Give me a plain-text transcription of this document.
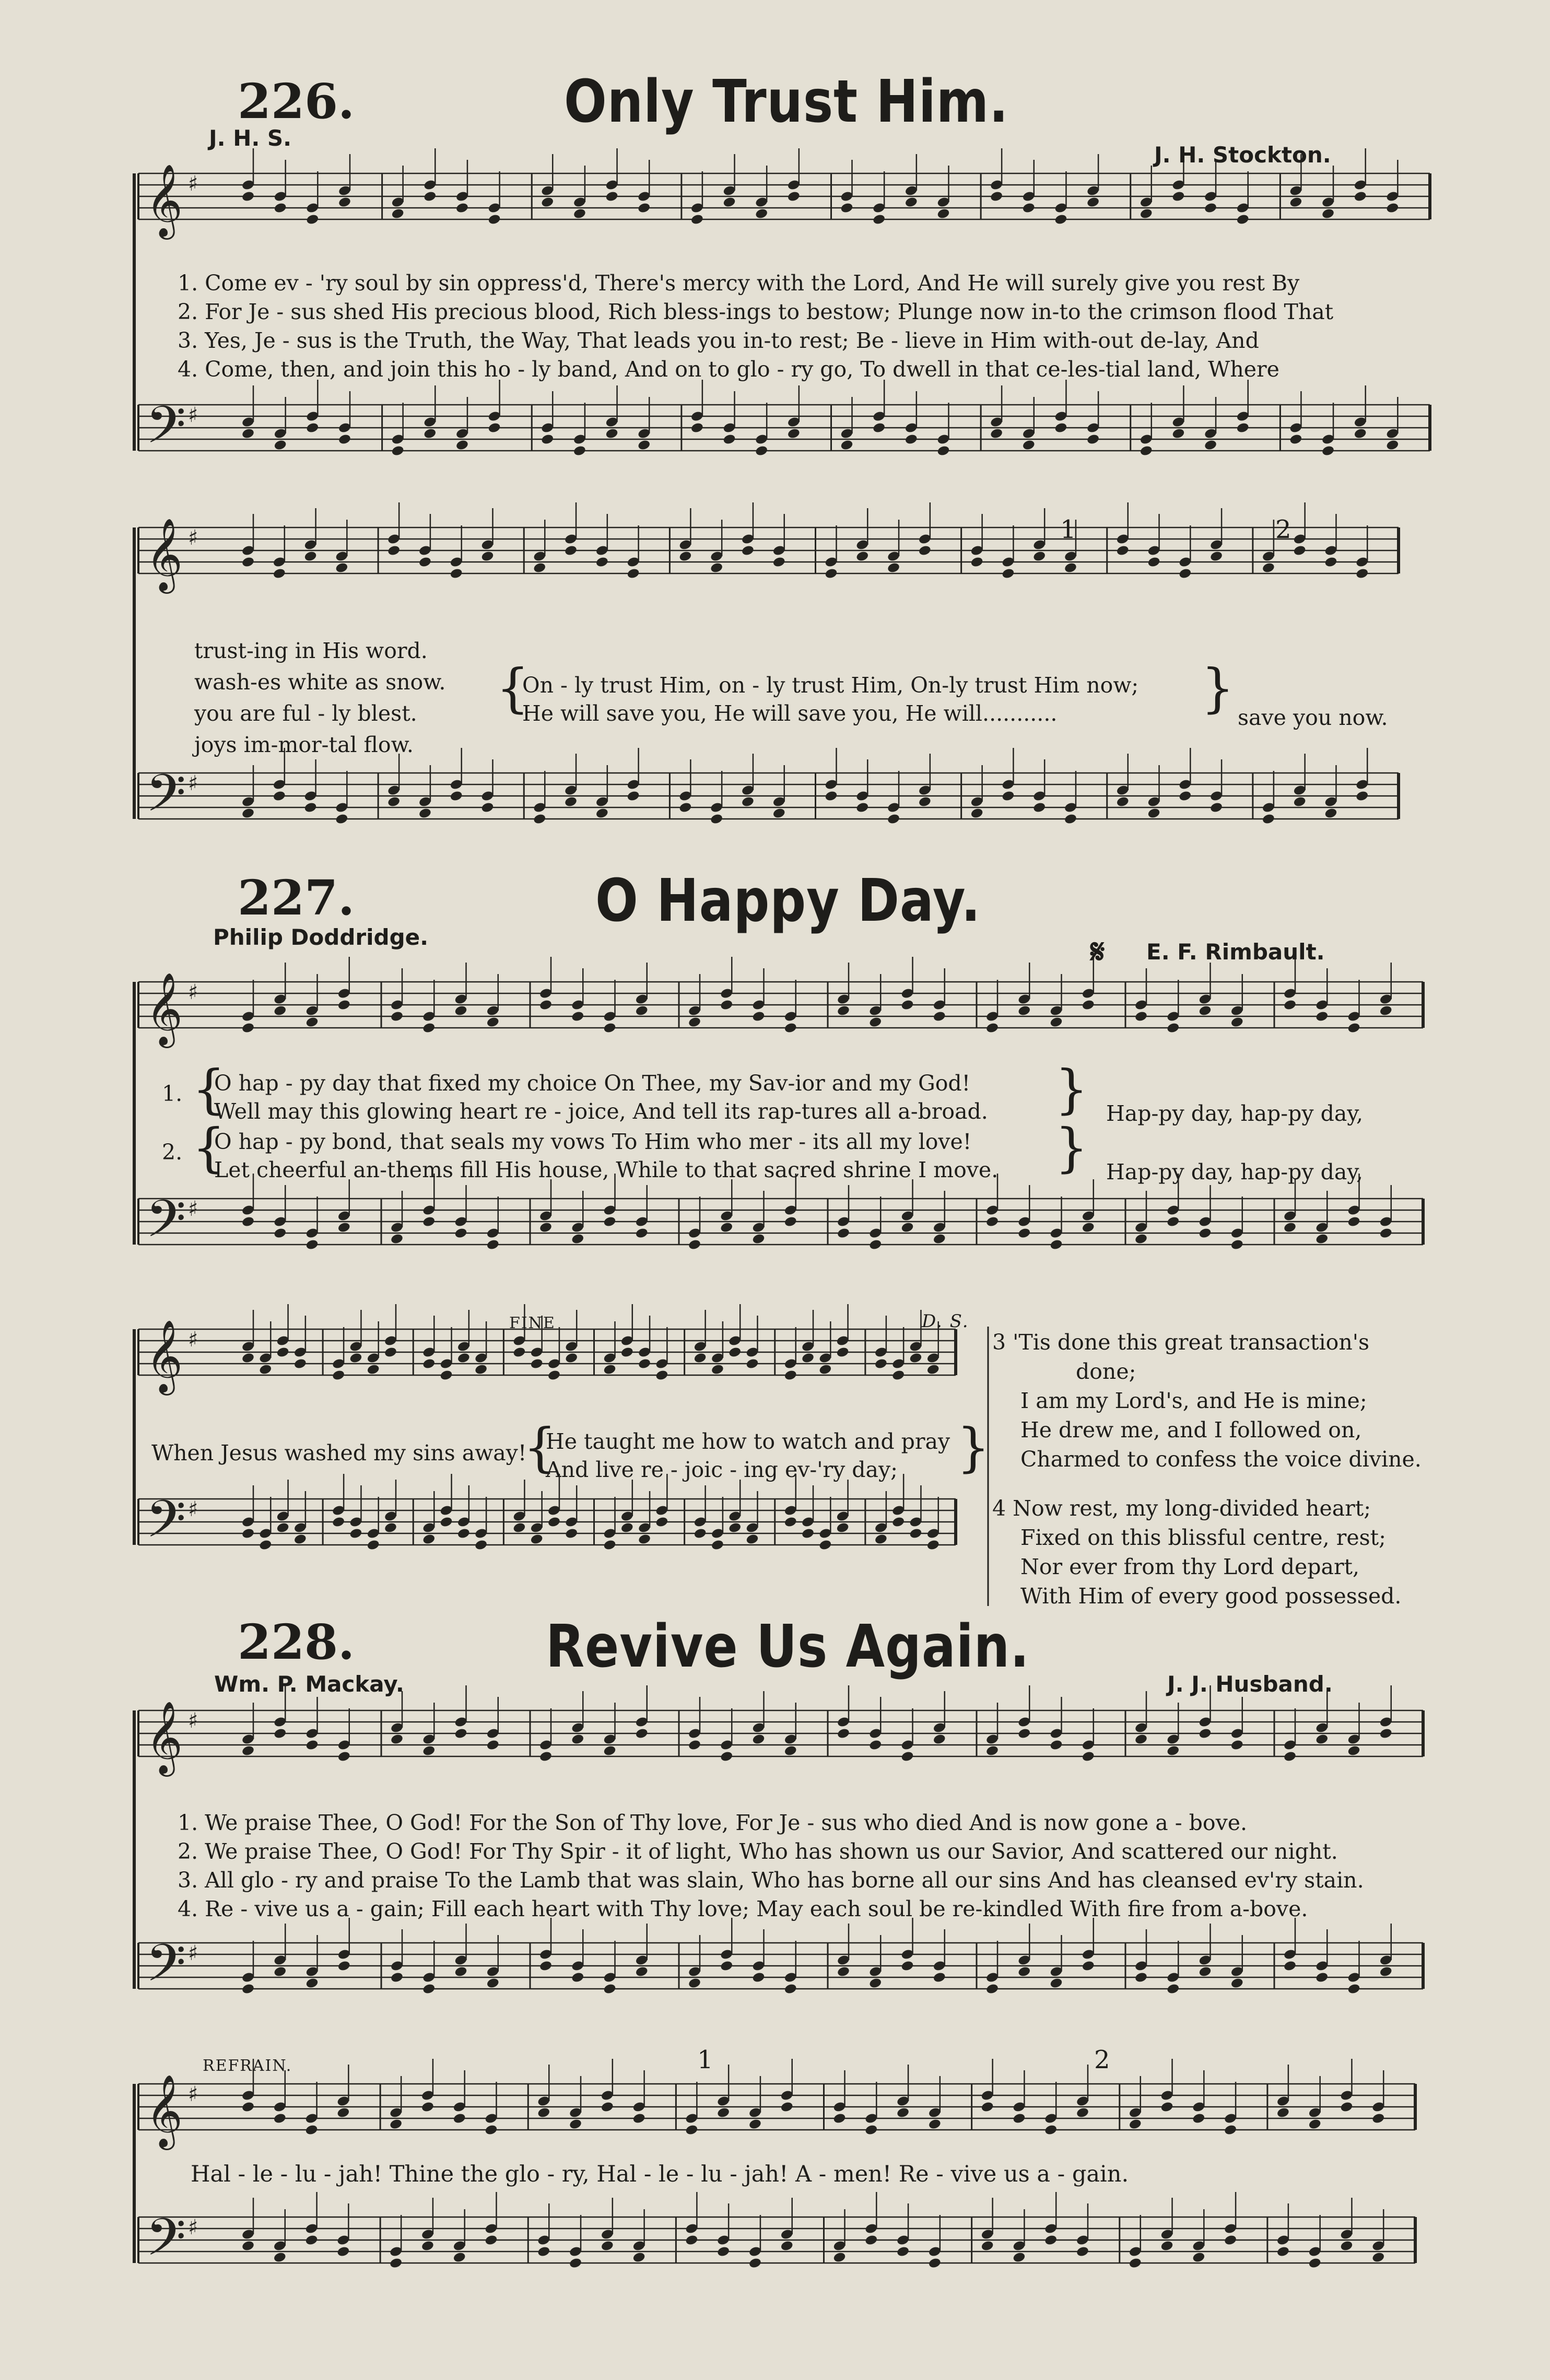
𝄞 ♯
𝄢 ♯
𝄞 ♯
𝄢 ♯
𝄞 ♯
𝄢 ♯
𝄞 ♯
𝄢 ♯
𝄞 ♯
𝄢 ♯
𝄞 ♯
𝄢 ♯
226.	Only Trust Him.
J. H. S.
J. H. Stockton.
1. Come ev - 'ry soul by sin oppress'd, There's mercy with the Lord, And He will surely give you rest By
2. For Je - sus shed His precious blood, Rich bless-ings to bestow; Plunge now in-to the crimson flood That
3. Yes, Je - sus is the Truth, the Way, That leads you in-to rest; Be - lieve in Him with-out de-lay, And
4. Come, then, and join this ho - ly band, And on to glo - ry go, To dwell in that ce-les-tial land, Where
trust-ing in His word.
wash-es white as snow.
you are ful - ly blest.
joys im-mor-tal flow.
{
On - ly trust Him, on - ly trust Him, On-ly trust Him now;
He will save you, He will save you, He will...........	} save you now.
1	2
227.	O Happy Day.
Philip Doddridge.
E. F. Rimbault.
𝄋
1. {
O hap - py day that fixed my choice On Thee, my Sav-ior and my God!
Well may this glowing heart re - joice, And tell its rap-tures all a-broad. } Hap-py day, hap-py day,
2. {
O hap - py bond, that seals my vows To Him who mer - its all my love!
Let cheerful an-thems fill His house, While to that sacred shrine I move. } Hap-py day, hap-py day,
FINE	D. S.
When Jesus washed my sins away!
{
He taught me how to watch and pray
And live re - joic - ing ev-'ry day; }
3 'Tis done this great transaction's
done;
I am my Lord's, and He is mine;
He drew me, and I followed on,
Charmed to confess the voice divine.
4 Now rest, my long-divided heart;
Fixed on this blissful centre, rest;
Nor ever from thy Lord depart,
With Him of every good possessed.
228.	Revive Us Again.
Wm. P. Mackay.	J. J. Husband.
1. We praise Thee, O God! For the Son of Thy love, For Je - sus who died And is now gone a - bove.
2. We praise Thee, O God! For Thy Spir - it of light, Who has shown us our Savior, And scattered our night.
3. All glo - ry and praise To the Lamb that was slain, Who has borne all our sins And has cleansed ev'ry stain.
4. Re - vive us a - gain; Fill each heart with Thy love; May each soul be re-kindled With fire from a-bove.
REFRAIN.	1	2
Hal - le - lu - jah! Thine the glo - ry, Hal - le - lu - jah! A - men! Re - vive us a - gain.
